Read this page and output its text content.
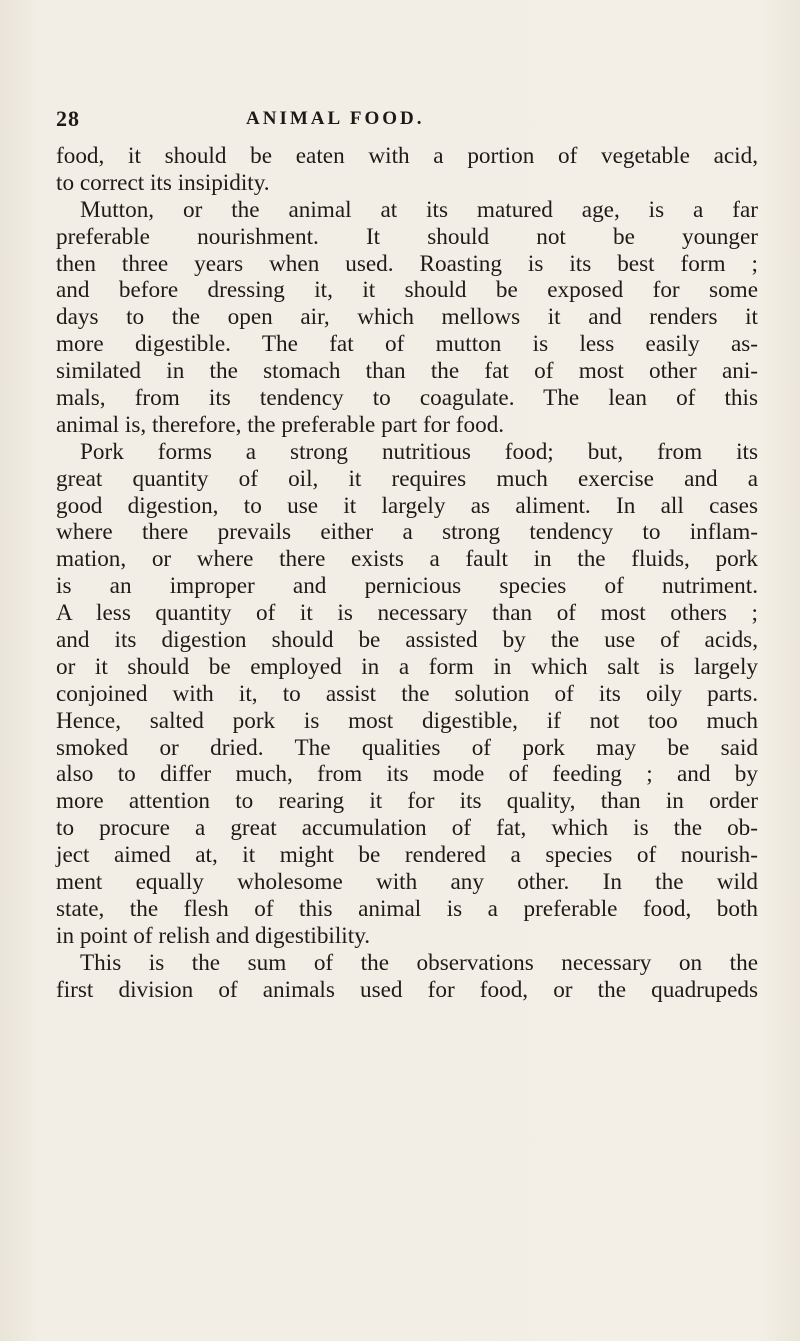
28	ANIMAL FOOD.
food, it should be eaten with a portion of vegetable acid,
to correct its insipidity.
Mutton, or the animal at its matured age, is a far
preferable nourishment. It should not be younger
then three years when used. Roasting is its best form ;
and before dressing it, it should be exposed for some
days to the open air, which mellows it and renders it
more digestible. The fat of mutton is less easily as-
similated in the stomach than the fat of most other ani-
mals, from its tendency to coagulate. The lean of this
animal is, therefore, the preferable part for food.
Pork forms a strong nutritious food; but, from its
great quantity of oil, it requires much exercise and a
good digestion, to use it largely as aliment. In all cases
where there prevails either a strong tendency to inflam-
mation, or where there exists a fault in the fluids, pork
is an improper and pernicious species of nutriment.
A less quantity of it is necessary than of most others ;
and its digestion should be assisted by the use of acids,
or it should be employed in a form in which salt is largely
conjoined with it, to assist the solution of its oily parts.
Hence, salted pork is most digestible, if not too much
smoked or dried. The qualities of pork may be said
also to differ much, from its mode of feeding ; and by
more attention to rearing it for its quality, than in order
to procure a great accumulation of fat, which is the ob-
ject aimed at, it might be rendered a species of nourish-
ment equally wholesome with any other. In the wild
state, the flesh of this animal is a preferable food, both
in point of relish and digestibility.
This is the sum of the observations necessary on the
first division of animals used for food, or the quadrupeds
